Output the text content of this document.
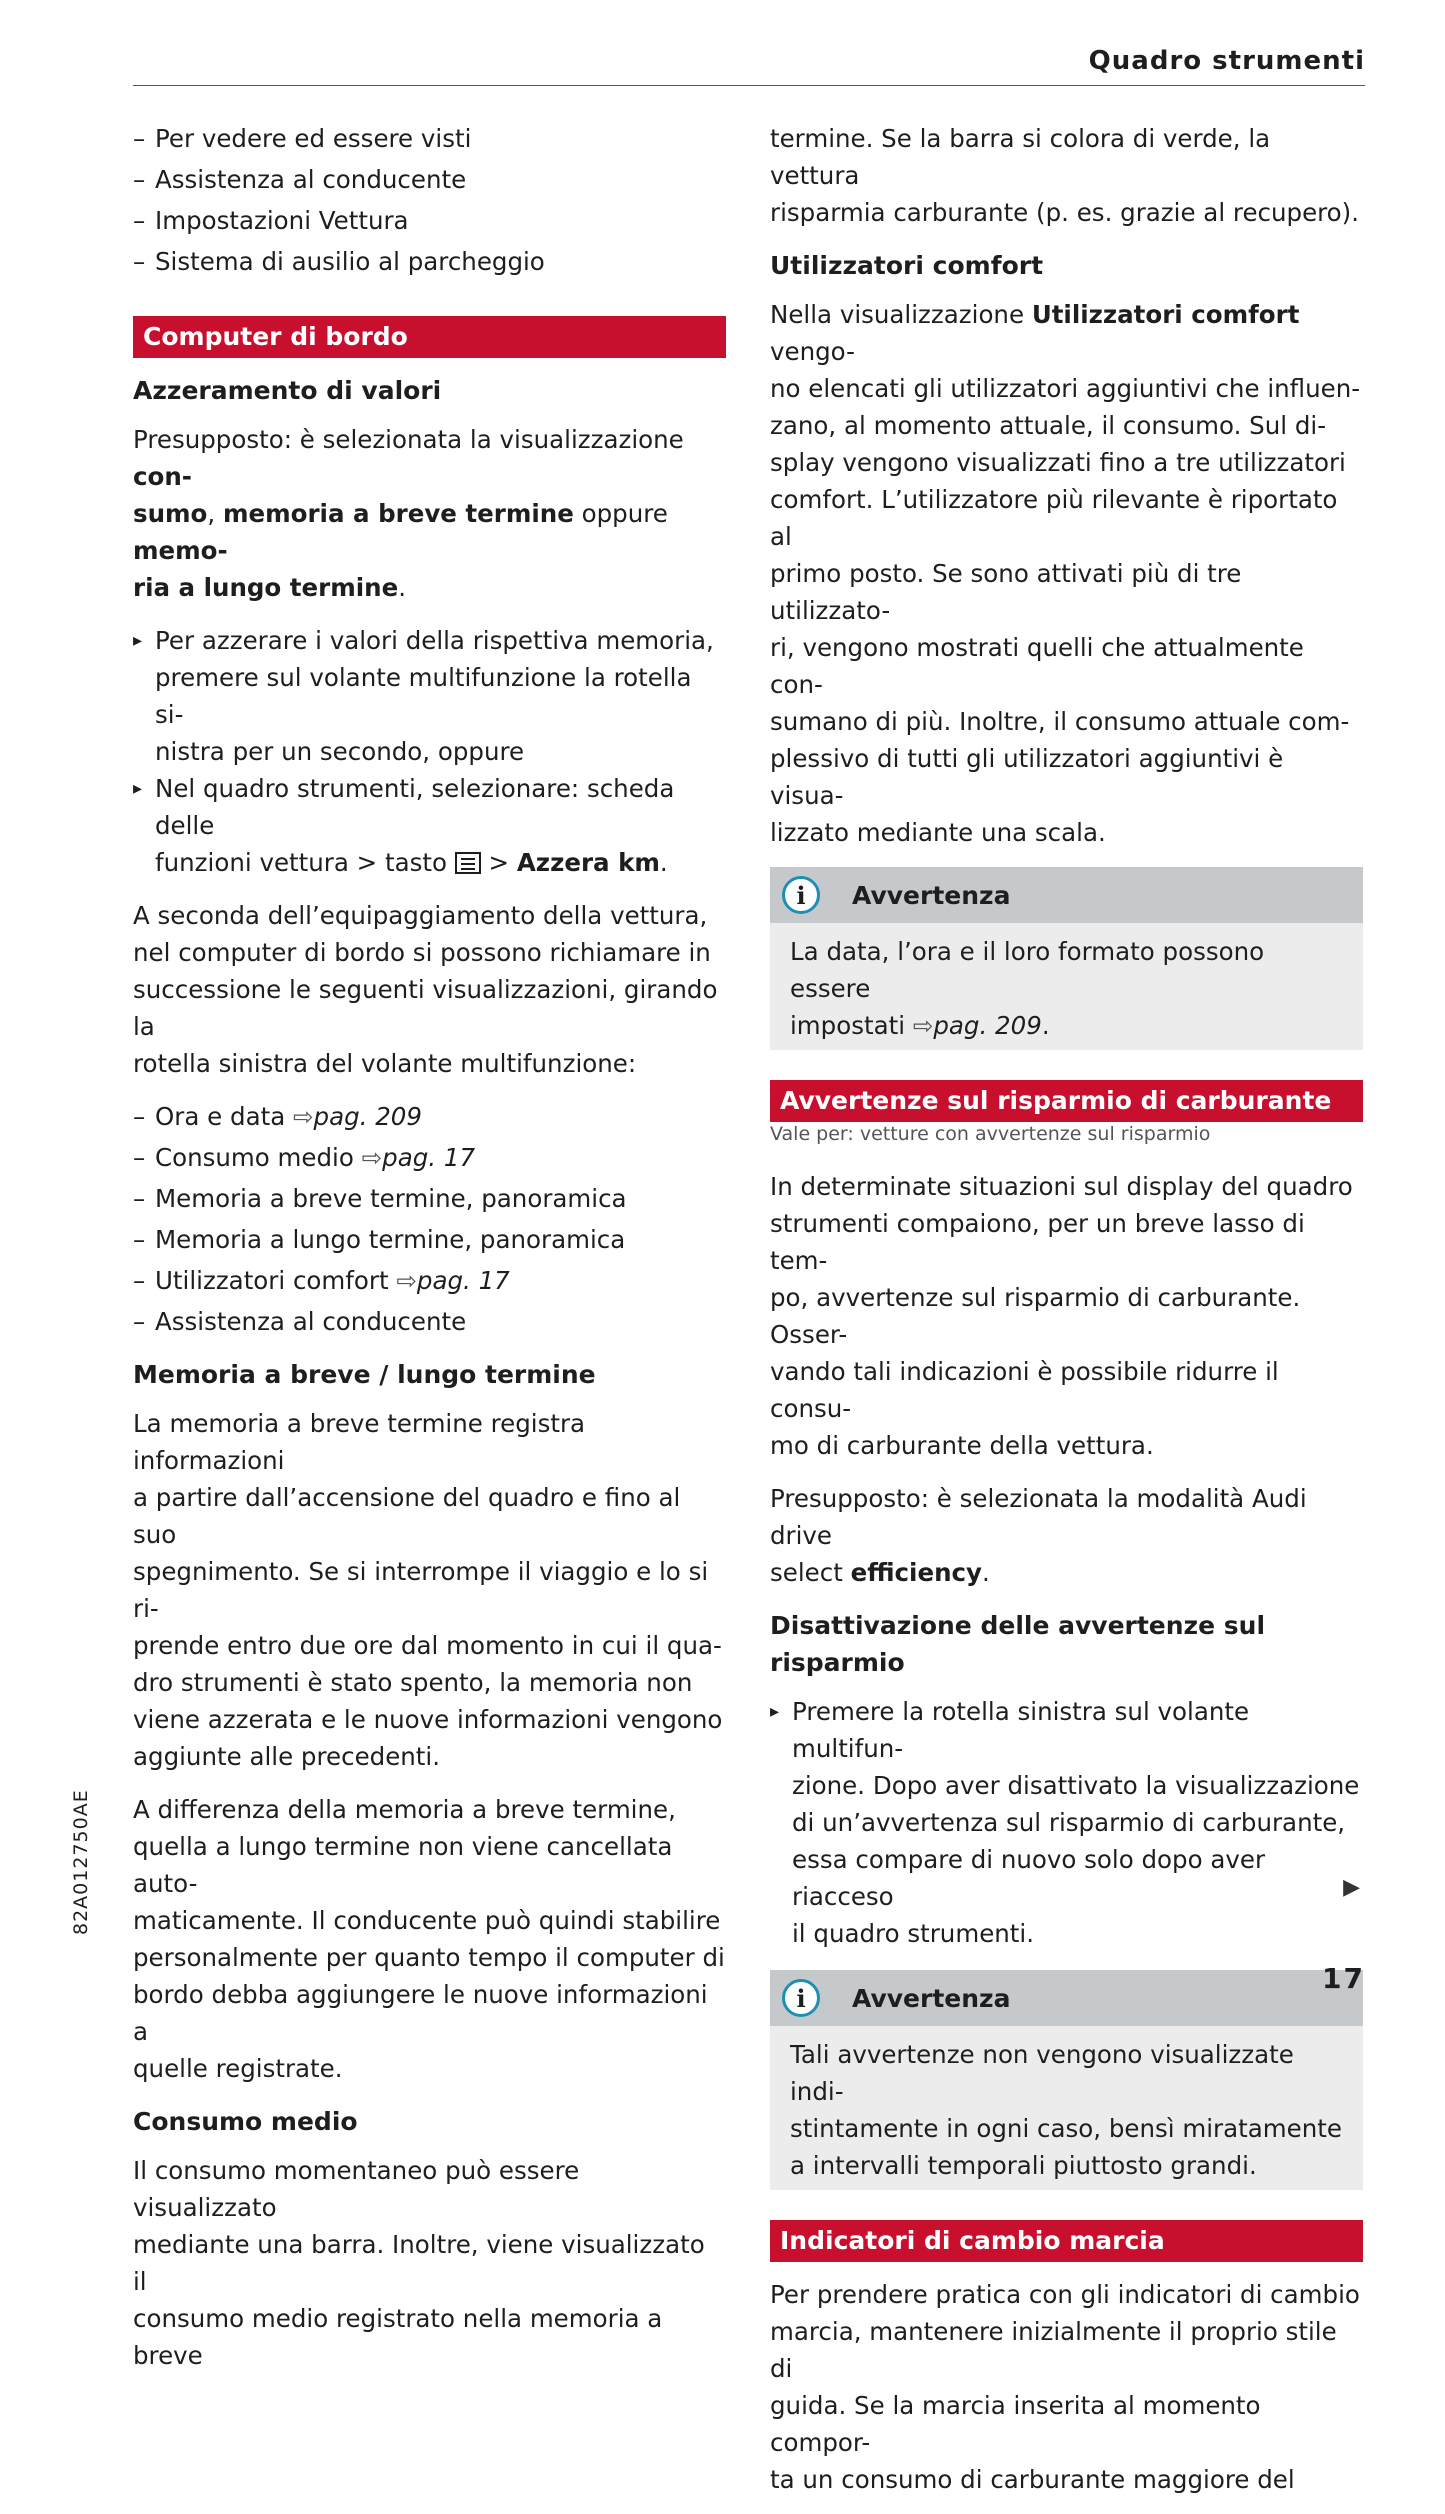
Quadro strumenti
– Per vedere ed essere visti
– Assistenza al conducente
– Impostazioni Vettura
– Sistema di ausilio al parcheggio
Computer di bordo
Azzeramento di valori

Presupposto: è selezionata la visualizzazione con-
sumo, memoria a breve termine oppure memo-
ria a lungo termine.

▸ Per azzerare i valori della rispettiva memoria,
premere sul volante multifunzione la rotella si-
nistra per un secondo, oppure
▸ Nel quadro strumenti, selezionare: scheda delle
funzioni vettura > tasto  > Azzera km.

A seconda dell’equipaggiamento della vettura,
nel computer di bordo si possono richiamare in
successione le seguenti visualizzazioni, girando la
rotella sinistra del volante multifunzione:

– Ora e data ⇨pag. 209
– Consumo medio ⇨pag. 17
– Memoria a breve termine, panoramica
– Memoria a lungo termine, panoramica
– Utilizzatori comfort ⇨pag. 17
– Assistenza al conducente
Memoria a breve / lungo termine

La memoria a breve termine registra informazioni
a partire dall’accensione del quadro e fino al suo
spegnimento. Se si interrompe il viaggio e lo si ri-
prende entro due ore dal momento in cui il qua-
dro strumenti è stato spento, la memoria non
viene azzerata e le nuove informazioni vengono
aggiunte alle precedenti.

A differenza della memoria a breve termine,
quella a lungo termine non viene cancellata auto-
maticamente. Il conducente può quindi stabilire
personalmente per quanto tempo il computer di
bordo debba aggiungere le nuove informazioni a
quelle registrate.

Consumo medio

Il consumo momentaneo può essere visualizzato
mediante una barra. Inoltre, viene visualizzato il
consumo medio registrato nella memoria a breve

termine. Se la barra si colora di verde, la vettura
risparmia carburante (p. es. grazie al recupero).

Utilizzatori comfort

Nella visualizzazione Utilizzatori comfort vengo-
no elencati gli utilizzatori aggiuntivi che influen-
zano, al momento attuale, il consumo. Sul di-
splay vengono visualizzati fino a tre utilizzatori
comfort. L’utilizzatore più rilevante è riportato al
primo posto. Se sono attivati più di tre utilizzato-
ri, vengono mostrati quelli che attualmente con-
sumano di più. Inoltre, il consumo attuale com-
plessivo di tutti gli utilizzatori aggiuntivi è visua-
lizzato mediante una scala.

i	Avvertenza
La data, l’ora e il loro formato possono essere
impostati ⇨pag. 209.
Avvertenze sul risparmio di carburante
Vale per: vetture con avvertenze sul risparmio

In determinate situazioni sul display del quadro
strumenti compaiono, per un breve lasso di tem-
po, avvertenze sul risparmio di carburante. Osser-
vando tali indicazioni è possibile ridurre il consu-
mo di carburante della vettura.

Presupposto: è selezionata la modalità Audi drive
select efficiency.

Disattivazione delle avvertenze sul risparmio
▸ Premere la rotella sinistra sul volante multifun-
zione. Dopo aver disattivato la visualizzazione
di un’avvertenza sul risparmio di carburante,
essa compare di nuovo solo dopo aver riacceso
il quadro strumenti.
i	Avvertenza
Tali avvertenze non vengono visualizzate indi-
stintamente in ogni caso, bensì miratamente
a intervalli temporali piuttosto grandi.
Indicatori di cambio marcia

Per prendere pratica con gli indicatori di cambio
marcia, mantenere inizialmente il proprio stile di
guida. Se la marcia inserita al momento compor-
ta un consumo di carburante maggiore del

▶
82A012750AE
17
